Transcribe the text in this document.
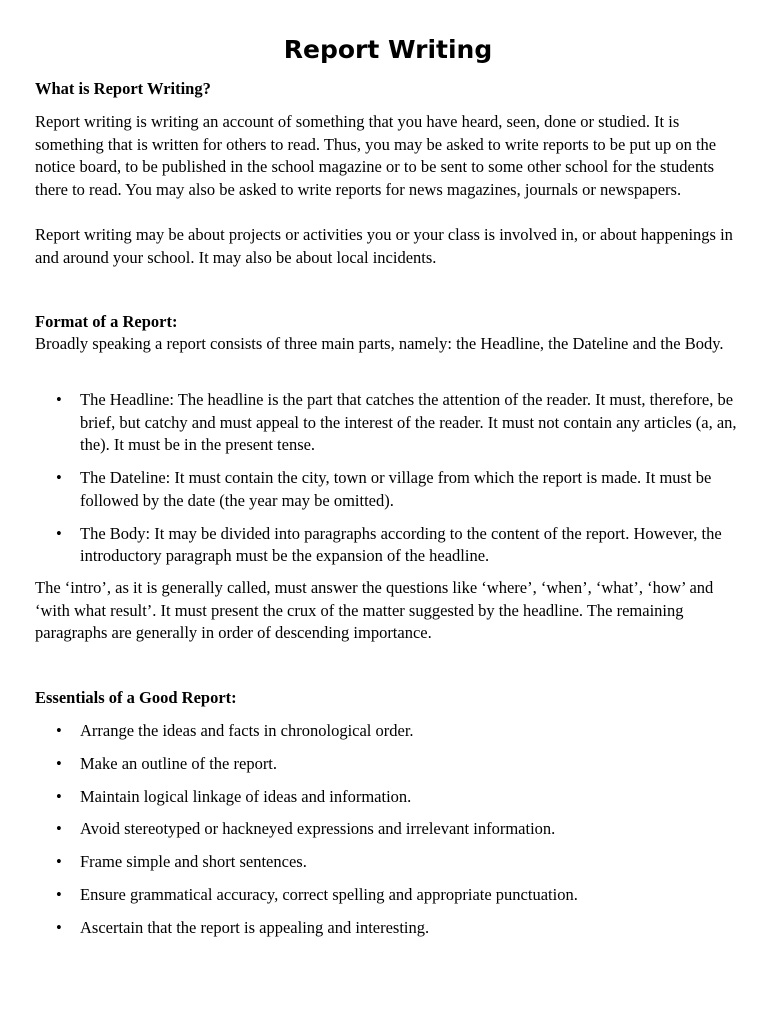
Report Writing

What is Report Writing?

Report writing is writing an account of something that you have heard, seen, done or studied. It is something that is written for others to read. Thus, you may be asked to write reports to be put up on the notice board, to be published in the school magazine or to be sent to some other school for the students there to read. You may also be asked to write reports for news magazines, journals or newspapers.

Report writing may be about projects or activities you or your class is involved in, or about happenings in and around your school. It may also be about local incidents.

Format of a Report:

Broadly speaking a report consists of three main parts, namely: the Headline, the Dateline and the Body.

• The Headline: The headline is the part that catches the attention of the reader. It must, therefore, be brief, but catchy and must appeal to the interest of the reader. It must not contain any articles (a, an, the). It must be in the present tense.
• The Dateline: It must contain the city, town or village from which the report is made. It must be followed by the date (the year may be omitted).
• The Body: It may be divided into paragraphs according to the content of the report. However, the introductory paragraph must be the expansion of the headline.

The ‘intro’, as it is generally called, must answer the questions like ‘where’, ‘when’, ‘what’, ‘how’ and ‘with what result’. It must present the crux of the matter suggested by the headline. The remaining paragraphs are generally in order of descending importance.

Essentials of a Good Report:

• Arrange the ideas and facts in chronological order.
• Make an outline of the report.
• Maintain logical linkage of ideas and information.
• Avoid stereotyped or hackneyed expressions and irrelevant information.
• Frame simple and short sentences.
• Ensure grammatical accuracy, correct spelling and appropriate punctuation.
• Ascertain that the report is appealing and interesting.
